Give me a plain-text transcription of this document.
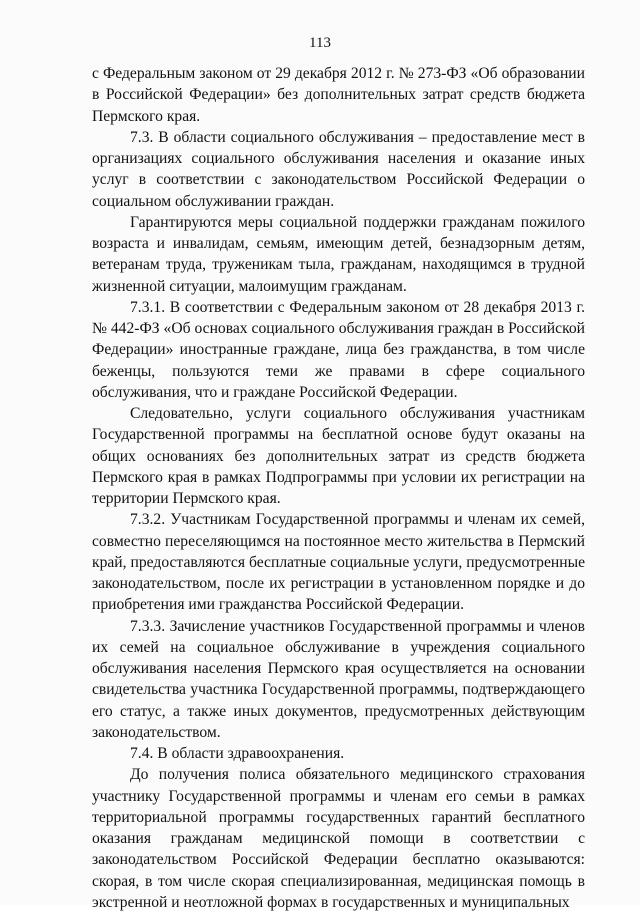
113

с Федеральным законом от 29 декабря 2012 г. № 273-ФЗ «Об образовании в Российской Федерации» без дополнительных затрат средств бюджета Пермского края.

7.3. В области социального обслуживания – предоставление мест в организациях социального обслуживания населения и оказание иных услуг в соответствии с законодательством Российской Федерации о социальном обслуживании граждан.

Гарантируются меры социальной поддержки гражданам пожилого возраста и инвалидам, семьям, имеющим детей, безнадзорным детям, ветеранам труда, труженикам тыла, гражданам, находящимся в трудной жизненной ситуации, малоимущим гражданам.

7.3.1. В соответствии с Федеральным законом от 28 декабря 2013 г. № 442-ФЗ «Об основах социального обслуживания граждан в Российской Федерации» иностранные граждане, лица без гражданства, в том числе беженцы, пользуются теми же правами в сфере социального обслуживания, что и граждане Российской Федерации.

Следовательно, услуги социального обслуживания участникам Государственной программы на бесплатной основе будут оказаны на общих основаниях без дополнительных затрат из средств бюджета Пермского края в рамках Подпрограммы при условии их регистрации на территории Пермского края.

7.3.2. Участникам Государственной программы и членам их семей, совместно переселяющимся на постоянное место жительства в Пермский край, предоставляются бесплатные социальные услуги, предусмотренные законодательством, после их регистрации в установленном порядке и до приобретения ими гражданства Российской Федерации.

7.3.3. Зачисление участников Государственной программы и членов их семей на социальное обслуживание в учреждения социального обслуживания населения Пермского края осуществляется на основании свидетельства участника Государственной программы, подтверждающего его статус, а также иных документов, предусмотренных действующим законодательством.

7.4. В области здравоохранения.

До получения полиса обязательного медицинского страхования участнику Государственной программы и членам его семьи в рамках территориальной программы государственных гарантий бесплатного оказания гражданам медицинской помощи в соответствии с законодательством Российской Федерации бесплатно оказываются: скорая, в том числе скорая специализированная, медицинская помощь в экстренной и неотложной формах в государственных и муниципальных
